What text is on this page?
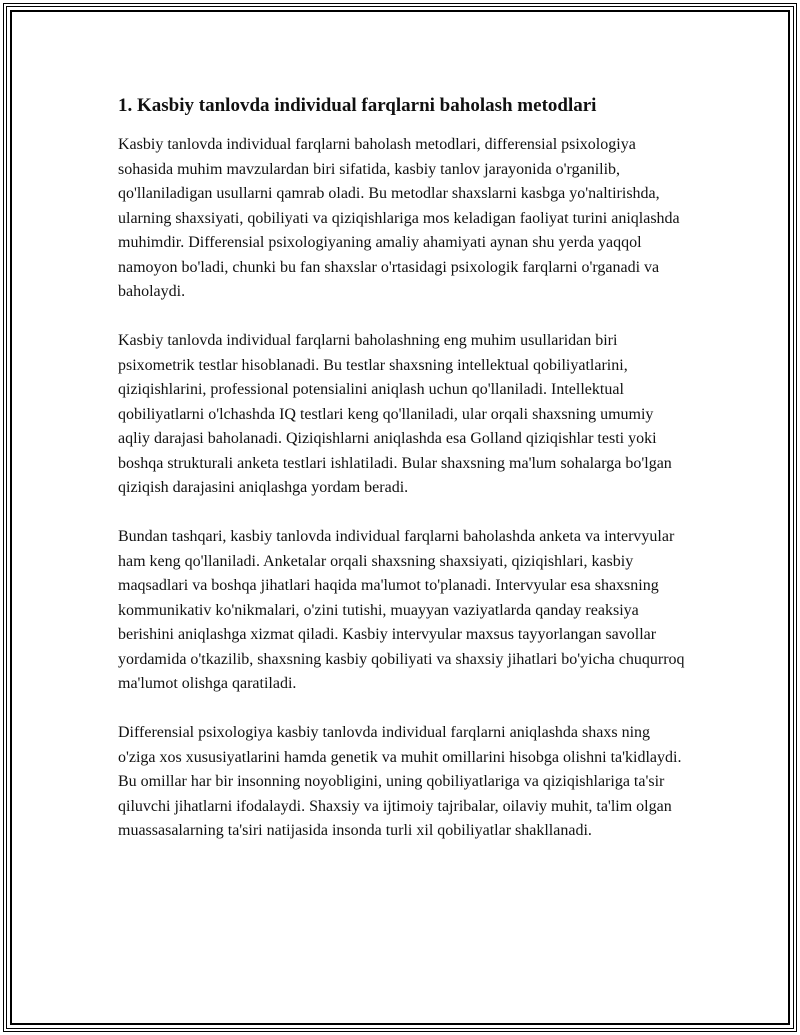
1. Kasbiy tanlovda individual farqlarni baholash metodlari

Kasbiy tanlovda individual farqlarni baholash metodlari, differensial psixologiya sohasida muhim mavzulardan biri sifatida, kasbiy tanlov jarayonida o'rganilib, qo'llaniladigan usullarni qamrab oladi. Bu metodlar shaxslarni kasbga yo'naltirishda, ularning shaxsiyati, qobiliyati va qiziqishlariga mos keladigan faoliyat turini aniqlashda muhimdir. Differensial psixologiyaning amaliy ahamiyati aynan shu yerda yaqqol namoyon bo'ladi, chunki bu fan shaxslar o'rtasidagi psixologik farqlarni o'rganadi va baholaydi.

Kasbiy tanlovda individual farqlarni baholashning eng muhim usullaridan biri psixometrik testlar hisoblanadi. Bu testlar shaxsning intellektual qobiliyatlarini, qiziqishlarini, professional potensialini aniqlash uchun qo'llaniladi. Intellektual qobiliyatlarni o'lchashda IQ testlari keng qo'llaniladi, ular orqali shaxsning umumiy aqliy darajasi baholanadi. Qiziqishlarni aniqlashda esa Golland qiziqishlar testi yoki boshqa strukturali anketa testlari ishlatiladi. Bular shaxsning ma'lum sohalarga bo'lgan qiziqish darajasini aniqlashga yordam beradi.

Bundan tashqari, kasbiy tanlovda individual farqlarni baholashda anketa va intervyular ham keng qo'llaniladi. Anketalar orqali shaxsning shaxsiyati, qiziqishlari, kasbiy maqsadlari va boshqa jihatlari haqida ma'lumot to'planadi. Intervyular esa shaxsning kommunikativ ko'nikmalari, o'zini tutishi, muayyan vaziyatlarda qanday reaksiya berishini aniqlashga xizmat qiladi. Kasbiy intervyular maxsus tayyorlangan savollar yordamida o'tkazilib, shaxsning kasbiy qobiliyati va shaxsiy jihatlari bo'yicha chuqurroq ma'lumot olishga qaratiladi.

Differensial psixologiya kasbiy tanlovda individual farqlarni aniqlashda shaxs ning o'ziga xos xususiyatlarini hamda genetik va muhit omillarini hisobga olishni ta'kidlaydi. Bu omillar har bir insonning noyobligini, uning qobiliyatlariga va qiziqishlariga ta'sir qiluvchi jihatlarni ifodalaydi. Shaxsiy va ijtimoiy tajribalar, oilaviy muhit, ta'lim olgan muassasalarning ta'siri natijasida insonda turli xil qobiliyatlar shakllanadi.
